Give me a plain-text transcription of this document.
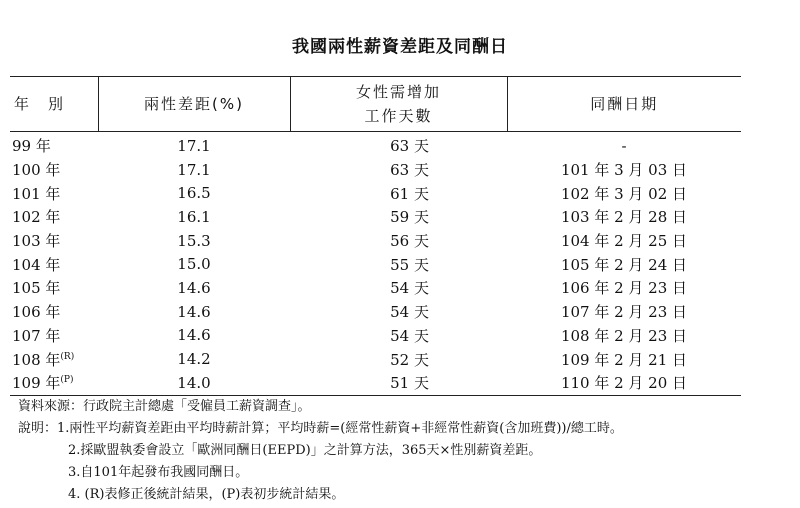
我國兩性薪資差距及同酬日
年　別	兩性差距(%)	女性需增加
工作天數	同酬日期
99 年	17.1	63 天	-
100 年	17.1	63 天	101 年 3 月 03 日
101 年	16.5	61 天	102 年 3 月 02 日
102 年	16.1	59 天	103 年 2 月 28 日
103 年	15.3	56 天	104 年 2 月 25 日
104 年	15.0	55 天	105 年 2 月 24 日
105 年	14.6	54 天	106 年 2 月 23 日
106 年	14.6	54 天	107 年 2 月 23 日
107 年	14.6	54 天	108 年 2 月 23 日
108 年$^{(R)}$	14.2	52 天	109 年 2 月 21 日
109 年$^{(P)}$	14.0	51 天	110 年 2 月 20 日
資料來源：行政院主計總處「受僱員工薪資調查」。
說明：1.兩性平均薪資差距由平均時薪計算；平均時薪=(經常性薪資+非經常性薪資(含加班費))/總工時。
2.採歐盟執委會設立「歐洲同酬日(EEPD)」之計算方法，365天×性別薪資差距。
3.自101年起發布我國同酬日。
4. (R)表修正後統計結果，(P)表初步統計結果。
